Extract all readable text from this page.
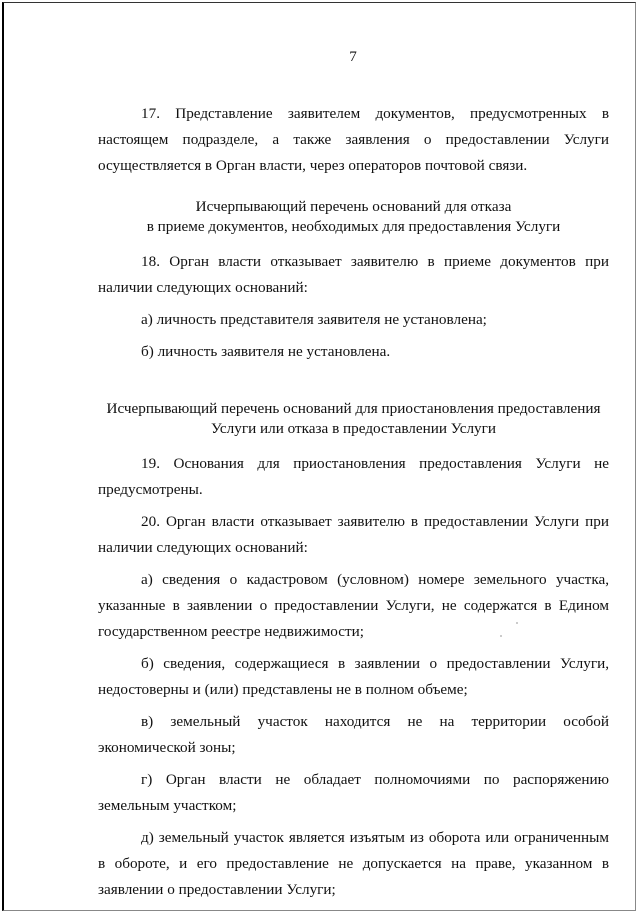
7

17. Представление заявителем документов, предусмотренных в настоящем подразделе, а также заявления о предоставлении Услуги осуществляется в Орган власти, через операторов почтовой связи.

Исчерпывающий перечень оснований для отказа

в приеме документов, необходимых для предоставления Услуги

18. Орган власти отказывает заявителю в приеме документов при наличии следующих оснований:

а) личность представителя заявителя не установлена;

б) личность заявителя не установлена.

Исчерпывающий перечень оснований для приостановления предоставления

Услуги или отказа в предоставлении Услуги

19. Основания для приостановления предоставления Услуги не предусмотрены.

20. Орган власти отказывает заявителю в предоставлении Услуги при наличии следующих оснований:

а) сведения о кадастровом (условном) номере земельного участка, указанные в заявлении о предоставлении Услуги, не содержатся в Едином государственном реестре недвижимости;

б) сведения, содержащиеся в заявлении о предоставлении Услуги, недостоверны и (или) представлены не в полном объеме;

в) земельный участок находится не на территории особой экономической зоны;

г) Орган власти не обладает полномочиями по распоряжению земельным участком;

д) земельный участок является изъятым из оборота или ограниченным в обороте, и его предоставление не допускается на праве, указанном в заявлении о предоставлении Услуги;
